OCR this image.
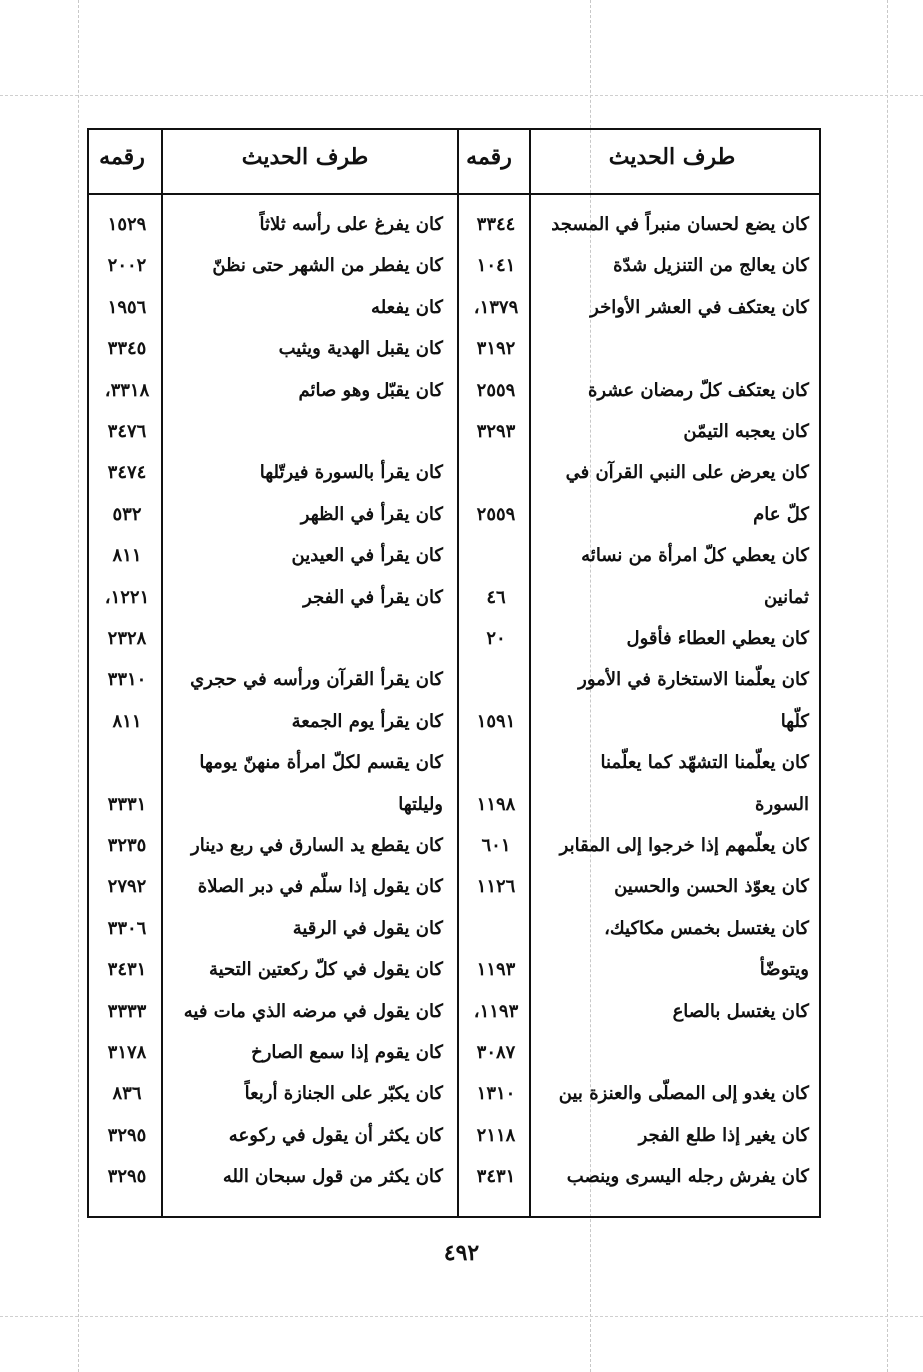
طرف الحديث
رقمه
طرف الحديث
رقمه
كان يضع لحسان منبراً في المسجد
٣٣٤٤
كان يفرغ على رأسه ثلاثاً
١٥٢٩
كان يعالج من التنزيل شدّة
١٠٤١
كان يفطر من الشهر حتى نظنّ
٢٠٠٢
كان يعتكف في العشر الأواخر
١٣٧٩،
كان يفعله
١٩٥٦
٣١٩٢
كان يقبل الهدية ويثيب
٣٣٤٥
كان يعتكف كلّ رمضان عشرة
٢٥٥٩
كان يقبّل وهو صائم
٣٣١٨،
كان يعجبه التيمّن
٣٢٩٣
٣٤٧٦
كان يعرض على النبي القرآن في
كان يقرأ بالسورة فيرتّلها
٣٤٧٤
كلّ عام
٢٥٥٩
كان يقرأ في الظهر
٥٣٢
كان يعطي كلّ امرأة من نسائه
كان يقرأ في العيدين
٨١١
ثمانين
٤٦
كان يقرأ في الفجر
١٢٢١،
كان يعطي العطاء فأقول
٢٠
٢٣٢٨
كان يعلّمنا الاستخارة في الأمور
كان يقرأ القرآن ورأسه في حجري
٣٣١٠
كلّها
١٥٩١
كان يقرأ يوم الجمعة
٨١١
كان يعلّمنا التشهّد كما يعلّمنا
كان يقسم لكلّ امرأة منهنّ يومها
السورة
١١٩٨
وليلتها
٣٣٣١
كان يعلّمهم إذا خرجوا إلى المقابر
٦٠١
كان يقطع يد السارق في ربع دينار
٣٢٣٥
كان يعوّذ الحسن والحسين
١١٢٦
كان يقول إذا سلّم في دبر الصلاة
٢٧٩٢
كان يغتسل بخمس مكاكيك،
كان يقول في الرقية
٣٣٠٦
ويتوضّأ
١١٩٣
كان يقول في كلّ ركعتين التحية
٣٤٣١
كان يغتسل بالصاع
١١٩٣،
كان يقول في مرضه الذي مات فيه
٣٣٣٣
٣٠٨٧
كان يقوم إذا سمع الصارخ
٣١٧٨
كان يغدو إلى المصلّى والعنزة بين
١٣١٠
كان يكبّر على الجنازة أربعاً
٨٣٦
كان يغير إذا طلع الفجر
٢١١٨
كان يكثر أن يقول في ركوعه
٣٢٩٥
كان يفرش رجله اليسرى وينصب
٣٤٣١
كان يكثر من قول سبحان الله
٣٢٩٥
٤٩٢
